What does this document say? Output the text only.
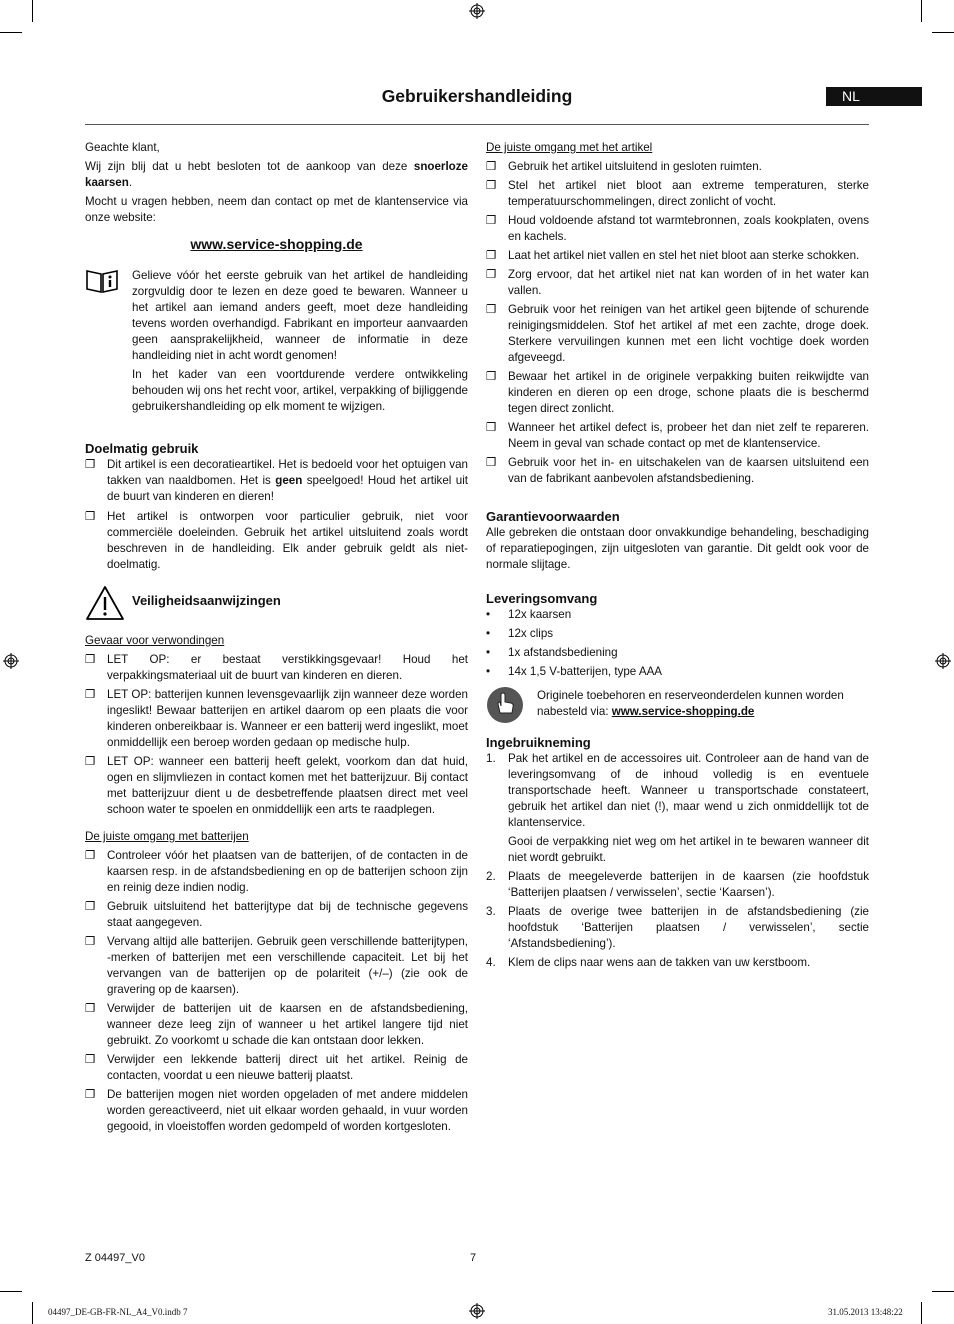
Gebruikershandleiding	NL

Geachte klant,

Wij zijn blij dat u hebt besloten tot de aankoop van deze snoerloze kaarsen.

Mocht u vragen hebben, neem dan contact op met de klantenservice via onze website:

www.service-shopping.de

Gelieve vóór het eerste gebruik van het artikel de handleiding zorgvuldig door te lezen en deze goed te bewaren. Wanneer u het artikel aan iemand anders geeft, moet deze handleiding tevens worden overhandigd. Fabrikant en importeur aanvaarden geen aansprakelijkheid, wanneer de informatie in deze handleiding niet in acht wordt genomen!

In het kader van een voortdurende verdere ontwikkeling behouden wij ons het recht voor, artikel, verpakking of bijliggende gebruikershandleiding op elk moment te wijzigen.

Doelmatig gebruik

❐ Dit artikel is een decoratieartikel. Het is bedoeld voor het optuigen van takken van naaldbomen. Het is geen speelgoed! Houd het artikel uit de buurt van kinderen en dieren!
❐ Het artikel is ontworpen voor particulier gebruik, niet voor commerciële doeleinden. Gebruik het artikel uitsluitend zoals wordt beschreven in de handleiding. Elk ander gebruik geldt als niet-doelmatig.

Veiligheidsaanwijzingen

Gevaar voor verwondingen

❐ LET OP: er bestaat verstikkingsgevaar! Houd het verpakkingsmateriaal uit de buurt van kinderen en dieren.
❐ LET OP: batterijen kunnen levensgevaarlijk zijn wanneer deze worden ingeslikt! Bewaar batterijen en artikel daarom op een plaats die voor kinderen onbereikbaar is. Wanneer er een batterij werd ingeslikt, moet onmiddellijk een beroep worden gedaan op medische hulp.
❐ LET OP: wanneer een batterij heeft gelekt, voorkom dan dat huid, ogen en slijmvliezen in contact komen met het batterijzuur. Bij contact met batterijzuur dient u de desbetreffende plaatsen direct met veel schoon water te spoelen en onmiddellijk een arts te raadplegen.

De juiste omgang met batterijen

❐ Controleer vóór het plaatsen van de batterijen, of de contacten in de kaarsen resp. in de afstandsbediening en op de batterijen schoon zijn en reinig deze indien nodig.
❐ Gebruik uitsluitend het batterijtype dat bij de technische gegevens staat aangegeven.
❐ Vervang altijd alle batterijen. Gebruik geen verschillende batterijtypen, -merken of batterijen met een verschillende capaciteit. Let bij het vervangen van de batterijen op de polariteit (+/–) (zie ook de gravering op de kaarsen).
❐ Verwijder de batterijen uit de kaarsen en de afstandsbediening, wanneer deze leeg zijn of wanneer u het artikel langere tijd niet gebruikt. Zo voorkomt u schade die kan ontstaan door lekken.
❐ Verwijder een lekkende batterij direct uit het artikel. Reinig de contacten, voordat u een nieuwe batterij plaatst.
❐ De batterijen mogen niet worden opgeladen of met andere middelen worden gereactiveerd, niet uit elkaar worden gehaald, in vuur worden gegooid, in vloeistoffen worden gedompeld of worden kortgesloten.

De juiste omgang met het artikel

❐ Gebruik het artikel uitsluitend in gesloten ruimten.
❐ Stel het artikel niet bloot aan extreme temperaturen, sterke temperatuurschommelingen, direct zonlicht of vocht.
❐ Houd voldoende afstand tot warmtebronnen, zoals kookplaten, ovens en kachels.
❐ Laat het artikel niet vallen en stel het niet bloot aan sterke schokken.
❐ Zorg ervoor, dat het artikel niet nat kan worden of in het water kan vallen.
❐ Gebruik voor het reinigen van het artikel geen bijtende of schurende reinigingsmiddelen. Stof het artikel af met een zachte, droge doek. Sterkere vervuilingen kunnen met een licht vochtige doek worden afgeveegd.
❐ Bewaar het artikel in de originele verpakking buiten reikwijdte van kinderen en dieren op een droge, schone plaats die is beschermd tegen direct zonlicht.
❐ Wanneer het artikel defect is, probeer het dan niet zelf te repareren. Neem in geval van schade contact op met de klantenservice.
❐ Gebruik voor het in- en uitschakelen van de kaarsen uitsluitend een van de fabrikant aanbevolen afstandsbediening.

Garantievoorwaarden

Alle gebreken die ontstaan door onvakkundige behandeling, beschadiging of reparatiepogingen, zijn uitgesloten van garantie. Dit geldt ook voor de normale slijtage.

Leveringsomvang

• 12x kaarsen
• 12x clips
• 1x afstandsbediening
• 14x 1,5 V-batterijen, type AAA

Originele toebehoren en reserveonderdelen kunnen worden nabesteld via: www.service-shopping.de

Ingebruikneming

1. Pak het artikel en de accessoires uit. Controleer aan de hand van de leveringsomvang of de inhoud volledig is en eventuele transportschade heeft. Wanneer u transportschade constateert, gebruik het artikel dan niet (!), maar wend u zich onmiddellijk tot de klantenservice.

Gooi de verpakking niet weg om het artikel in te bewaren wanneer dit niet wordt gebruikt.

2. Plaats de meegeleverde batterijen in de kaarsen (zie hoofdstuk ‘Batterijen plaatsen / verwisselen’, sectie ‘Kaarsen’).
3. Plaats de overige twee batterijen in de afstandsbediening (zie hoofdstuk ‘Batterijen plaatsen / verwisselen’, sectie ‘Afstandsbediening’).
4. Klem de clips naar wens aan de takken van uw kerstboom.
Z 04497_V0	7
04497_DE-GB-FR-NL_A4_V0.indb 7	31.05.2013 13:48:22
